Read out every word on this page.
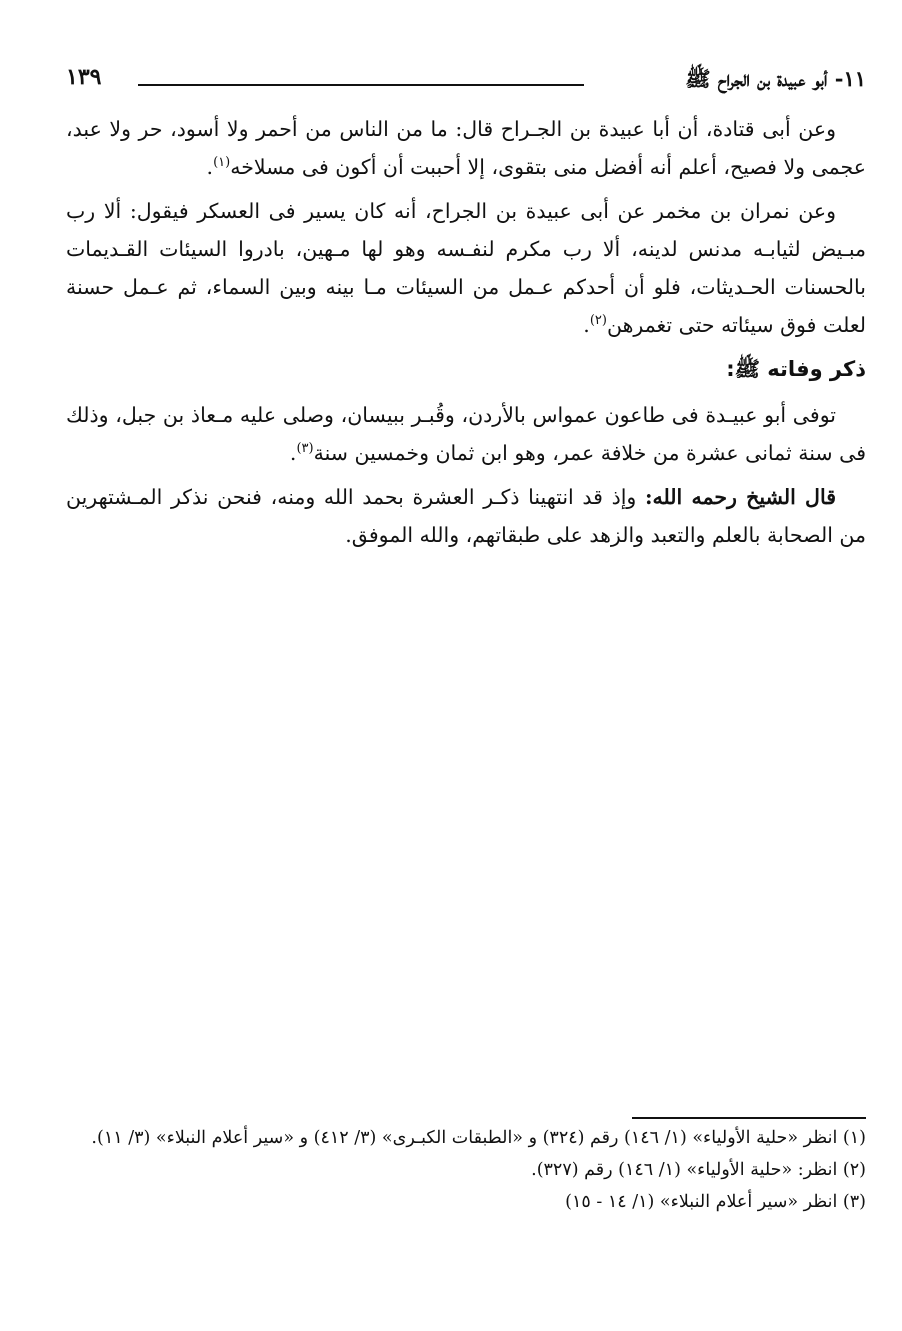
١١- أبو عبيدة بن الجراح ﷺ
١٣٩

وعن أبى قتادة، أن أبا عبيدة بن الجـراح قال: ما من الناس من أحمر ولا أسود، حر ولا عبد، عجمى ولا فصيح، أعلم أنه أفضل منى بتقوى، إلا أحببت أن أكون فى مسلاخه$^{(١)}$.

وعن نمران بن مخمر عن أبى عبيدة بن الجراح، أنه كان يسير فى العسكر فيقول: ألا رب مبـيض لثيابـه مدنس لدينه، ألا رب مكرم لنفـسه وهو لها مـهين، بادروا السيئات القـديمات بالحسنات الحـديثات، فلو أن أحدكم عـمل من السيئات مـا بينه وبين السماء، ثم عـمل حسنة لعلت فوق سيئاته حتى تغمرهن$^{(٢)}$.

ذكر وفاته ﷺ:

توفى أبو عبيـدة فى طاعون عمواس بالأردن، وقُبـر ببيسان، وصلى عليه مـعاذ بن جبل، وذلك فى سنة ثمانى عشرة من خلافة عمر، وهو ابن ثمان وخمسين سنة$^{(٣)}$.

قال الشيخ رحمه الله: وإذ قد انتهينا ذكـر العشرة بحمد الله ومنه، فنحن نذكر المـشتهرين من الصحابة بالعلم والتعبد والزهد على طبقاتهم، والله الموفق.

(١) انظر «حلية الأولياء» (١/ ١٤٦) رقم (٣٢٤) و «الطبقات الكبـرى» (٣/ ٤١٢) و «سير أعلام النبلاء» (٣/ ١١).

(٢) انظر: «حلية الأولياء» (١/ ١٤٦) رقم (٣٢٧).

(٣) انظر «سير أعلام النبلاء» (١/ ١٤ - ١٥)
